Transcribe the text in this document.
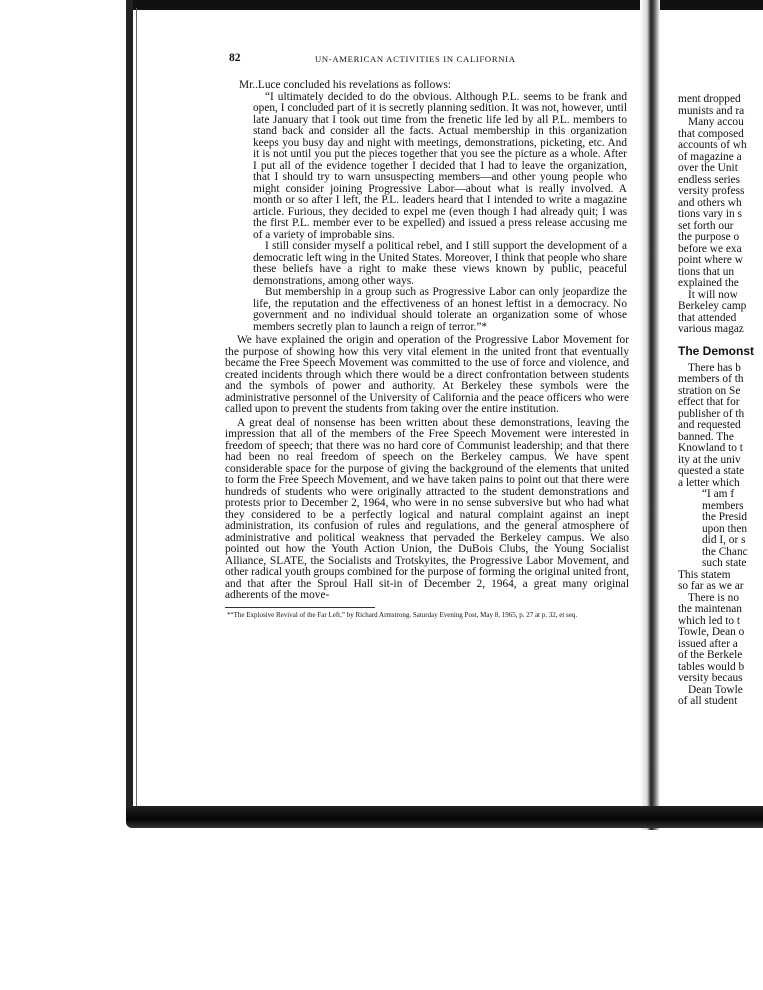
82	UN-AMERICAN ACTIVITIES IN CALIFORNIA

Mr..Luce concluded his revelations as follows:

“I ultimately decided to do the obvious. Although P.L. seems to be frank and open, I concluded part of it is secretly planning sedition. It was not, however, until late January that I took out time from the frenetic life led by all P.L. members to stand back and consider all the facts. Actual membership in this organization keeps you busy day and night with meetings, demonstrations, picketing, etc. And it is not until you put the pieces together that you see the picture as a whole. After I put all of the evidence together I decided that I had to leave the organization, that I should try to warn unsuspecting members—and other young people who might consider joining Progressive Labor—about what is really involved. A month or so after I left, the P.L. leaders heard that I intended to write a magazine article. Furious, they decided to expel me (even though I had already quit; I was the first P.L. member ever to be expelled) and issued a press release accusing me of a variety of improbable sins.

I still consider myself a political rebel, and I still support the development of a democratic left wing in the United States. Moreover, I think that people who share these beliefs have a right to make these views known by public, peaceful demonstrations, among other ways.

But membership in a group such as Progressive Labor can only jeopardize the life, the reputation and the effectiveness of an honest leftist in a democracy. No government and no individual should tolerate an organization some of whose members secretly plan to launch a reign of terror.”*

We have explained the origin and operation of the Progressive Labor Movement for the purpose of showing how this very vital element in the united front that eventually became the Free Speech Movement was committed to the use of force and violence, and created incidents through which there would be a direct confrontation between students and the symbols of power and authority. At Berkeley these symbols were the administrative personnel of the University of California and the peace officers who were called upon to prevent the students from taking over the entire institution.

A great deal of nonsense has been written about these demonstrations, leaving the impression that all of the members of the Free Speech Movement were interested in freedom of speech; that there was no hard core of Communist leadership; and that there had been no real freedom of speech on the Berkeley campus. We have spent considerable space for the purpose of giving the background of the elements that united to form the Free Speech Movement, and we have taken pains to point out that there were hundreds of students who were originally attracted to the student demonstrations and protests prior to December 2, 1964, who were in no sense subversive but who had what they considered to be a perfectly logical and natural complaint against an inept administration, its confusion of rules and regulations, and the general atmosphere of administrative and political weakness that pervaded the Berkeley campus. We also pointed out how the Youth Action Union, the DuBois Clubs, the Young Socialist Alliance, SLATE, the Socialists and Trotskyites, the Progressive Labor Movement, and other radical youth groups combined for the purpose of forming the original united front, and that after the Sproul Hall sit-in of December 2, 1964, a great many original adherents of the move-

*“The Explosive Revival of the Far Left,” by Richard Armstrong. Saturday Evening Post, May 8, 1965, p. 27 at p. 32, et seq.

ment dropped

munists and ra

Many accou

that composed

accounts of wh

of magazine a

over the Unit

endless series

versity profess

and others wh

tions vary in s

set forth our

the purpose o

before we exa

point where w

tions that un

explained the

It will now

Berkeley camp

that attended

various magaz

The Demonst

There has b

members of th

stration on Se

effect that for

publisher of th

and requested

banned. The

Knowland to t

ity at the univ

quested a state

a letter which

“I am f

members

the Presid

upon then

did I, or s

the Chanc

such state

This statem

so far as we ar

There is no

the maintenan

which led to t

Towle, Dean o

issued after a

of the Berkele

tables would b

versity becaus

Dean Towle

of all student
